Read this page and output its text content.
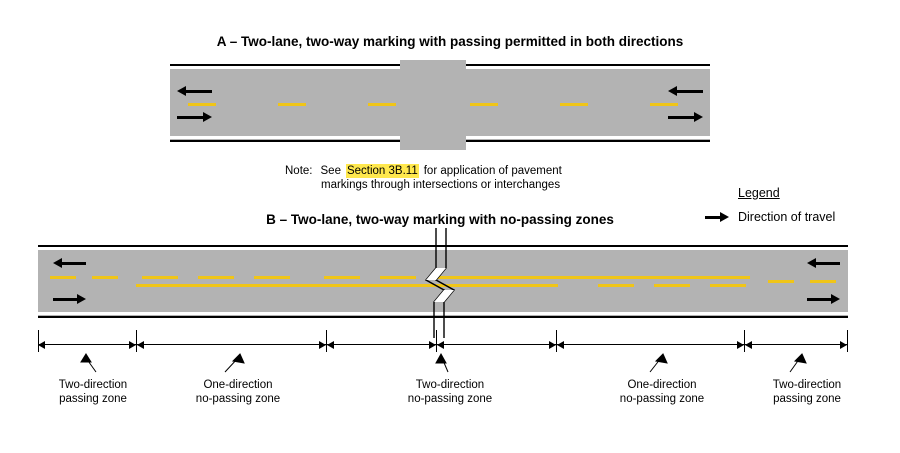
A – Two-lane, two-way marking with passing permitted in both directions
Note: See Section 3B.11 for application of pavement
markings through intersections or interchanges
Legend
Direction of travel
B – Two-lane, two-way marking with no-passing zones
Two-direction
passing zone
One-direction
no-passing zone
Two-direction
no-passing zone
One-direction
no-passing zone
Two-direction
passing zone
